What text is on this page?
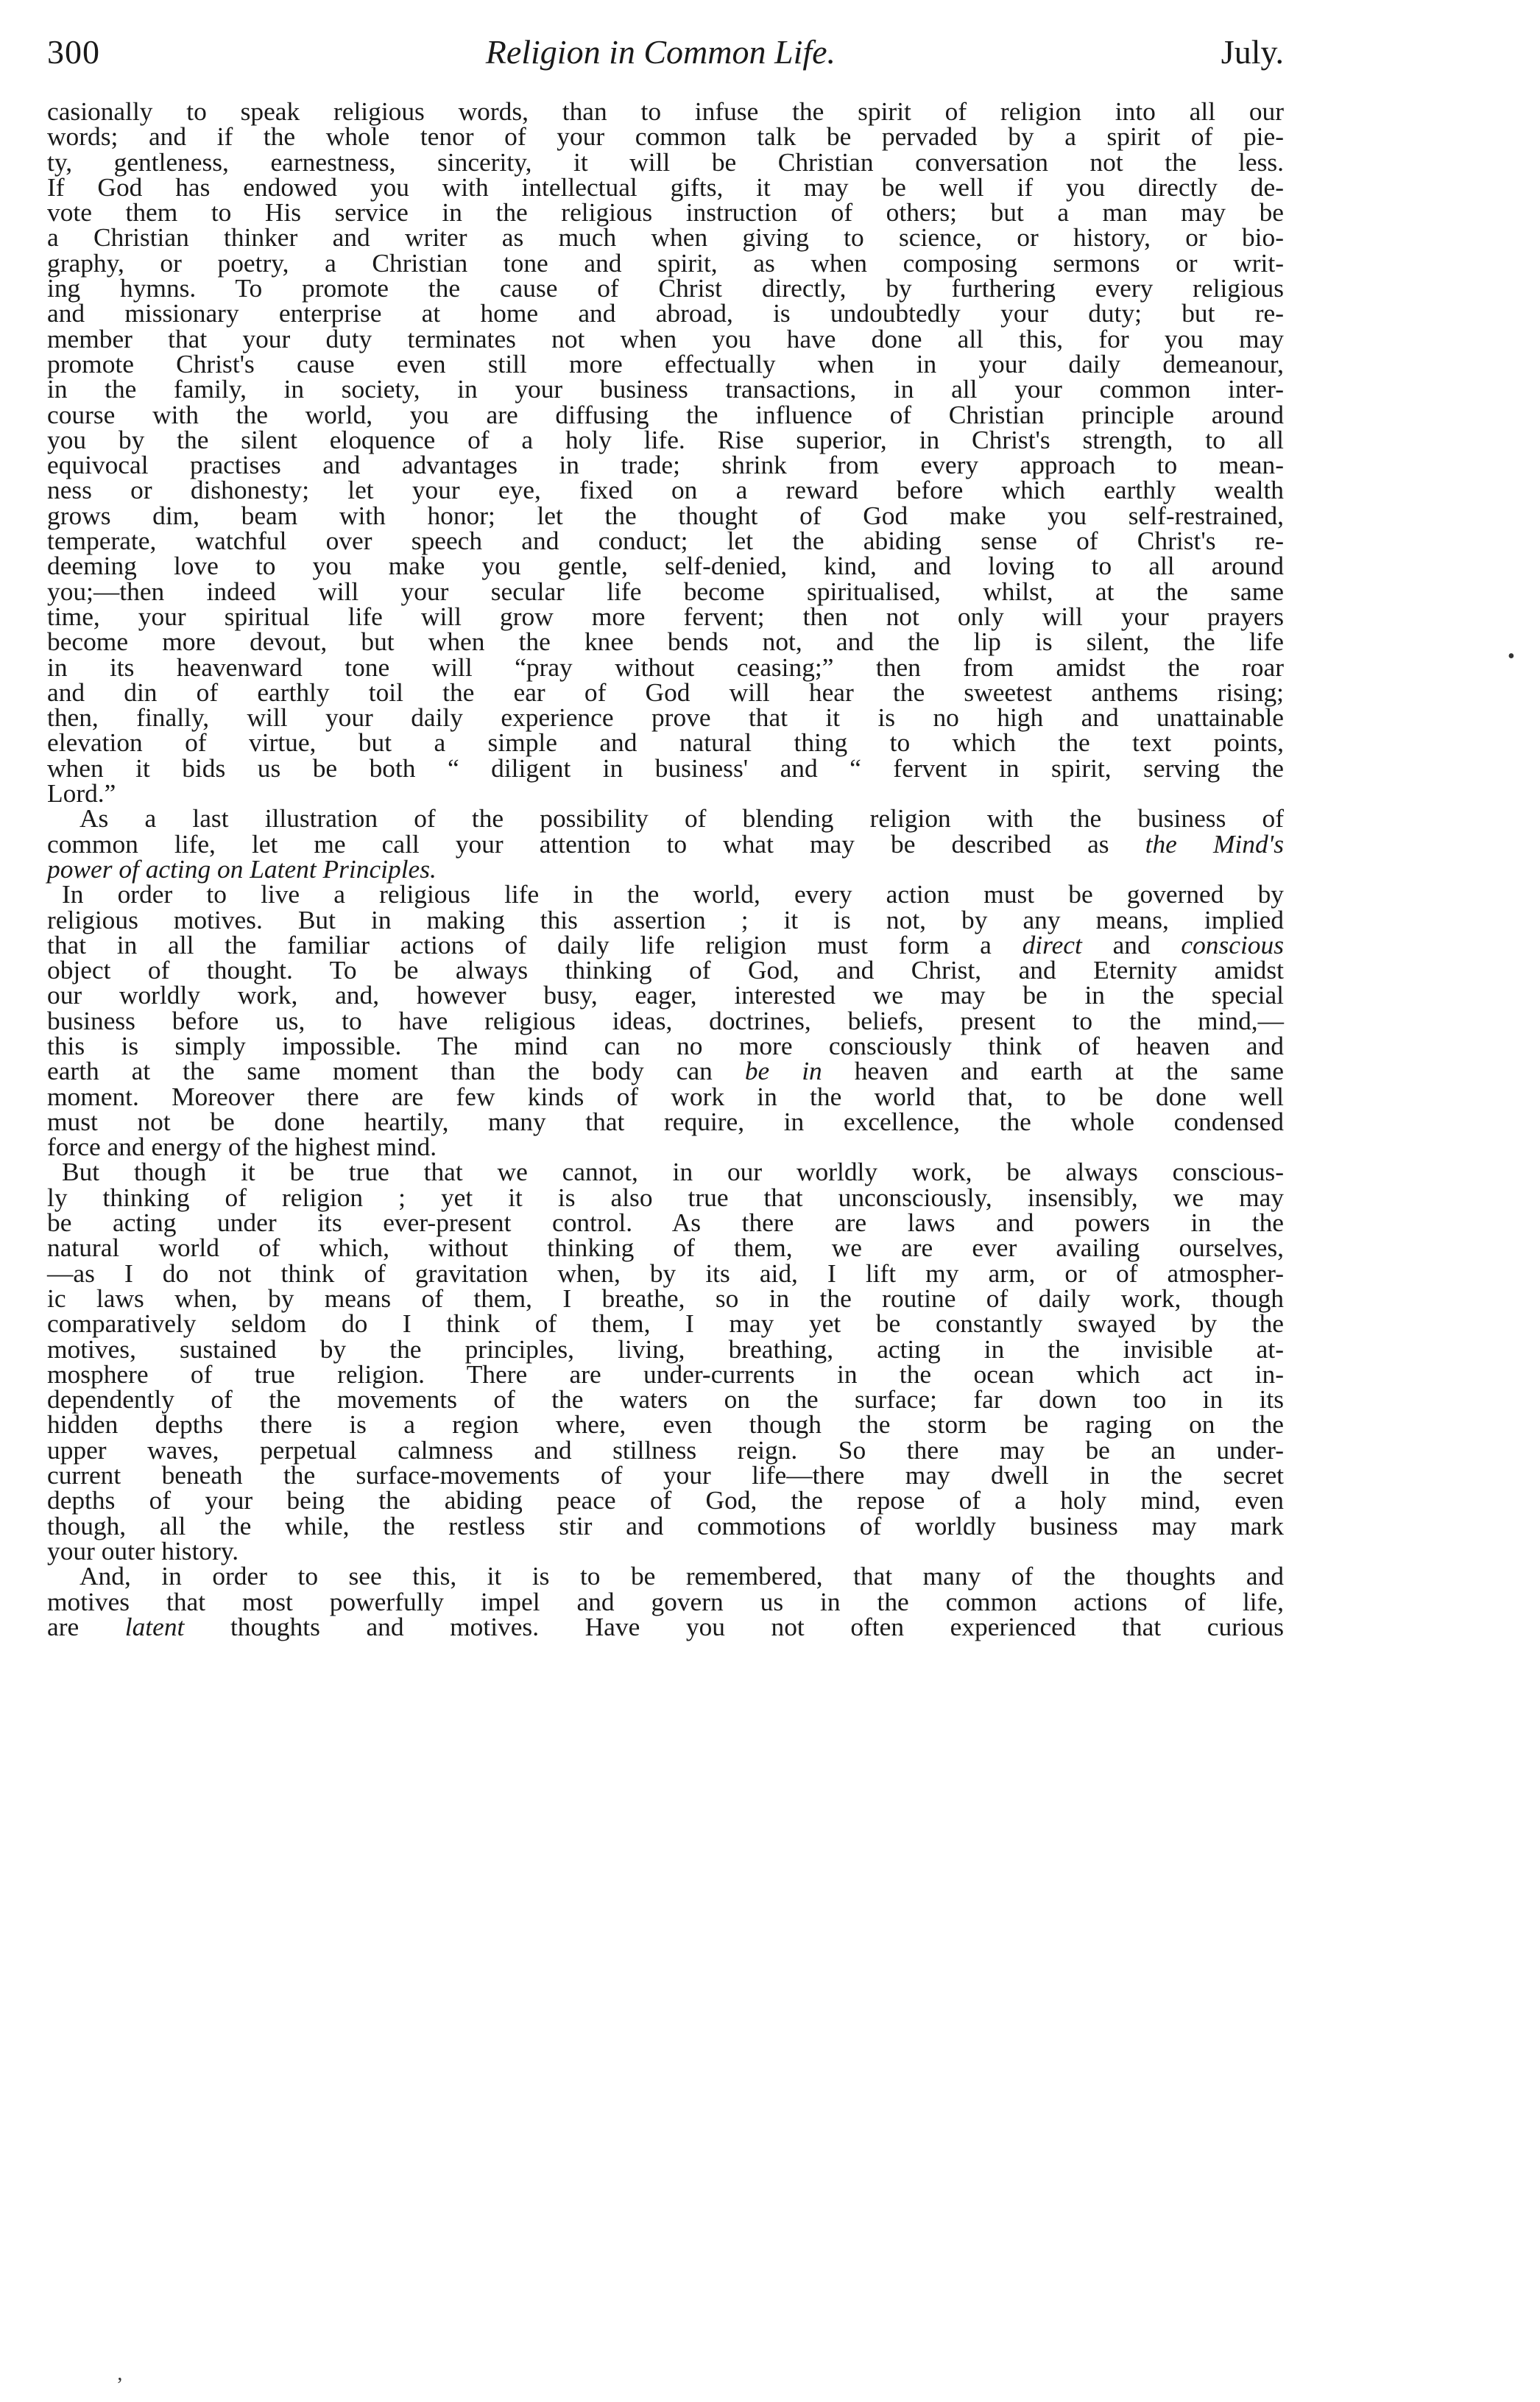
300	Religion in Common Life.	July.
casionally to speak religious words, than to infuse the spirit of religion into all our
words; and if the whole tenor of your common talk be pervaded by a spirit of pie-
ty, gentleness, earnestness, sincerity, it will be Christian conversation not the less.
If God has endowed you with intellectual gifts, it may be well if you directly de-
vote them to His service in the religious instruction of others; but a man may be
a Christian thinker and writer as much when giving to science, or history, or bio-
graphy, or poetry, a Christian tone and spirit, as when composing sermons or writ-
ing hymns. To promote the cause of Christ directly, by furthering every religious
and missionary enterprise at home and abroad, is undoubtedly your duty; but re-
member that your duty terminates not when you have done all this, for you may
promote Christ's cause even still more effectually when in your daily demeanour,
in the family, in society, in your business transactions, in all your common inter-
course with the world, you are diffusing the influence of Christian principle around
you by the silent eloquence of a holy life. Rise superior, in Christ's strength, to all
equivocal practises and advantages in trade; shrink from every approach to mean-
ness or dishonesty; let your eye, fixed on a reward before which earthly wealth
grows dim, beam with honor; let the thought of God make you self-restrained,
temperate, watchful over speech and conduct; let the abiding sense of Christ's re-
deeming love to you make you gentle, self-denied, kind, and loving to all around
you;—then indeed will your secular life become spiritualised, whilst, at the same
time, your spiritual life will grow more fervent; then not only will your prayers
become more devout, but when the knee bends not, and the lip is silent, the life
in its heavenward tone will “pray without ceasing;” then from amidst the roar
and din of earthly toil the ear of God will hear the sweetest anthems rising;
then, finally, will your daily experience prove that it is no high and unattainable
elevation of virtue, but a simple and natural thing to which the text points,
when it bids us be both “ diligent in business' and “ fervent in spirit, serving the
Lord.”
As a last illustration of the possibility of blending religion with the business of
common life, let me call your attention to what may be described as the Mind's
power of acting on Latent Principles.
In order to live a religious life in the world, every action must be governed by
religious motives. But in making this assertion ; it is not, by any means, implied
that in all the familiar actions of daily life religion must form a direct and conscious
object of thought. To be always thinking of God, and Christ, and Eternity amidst
our worldly work, and, however busy, eager, interested we may be in the special
business before us, to have religious ideas, doctrines, beliefs, present to the mind,—
this is simply impossible. The mind can no more consciously think of heaven and
earth at the same moment than the body can be in heaven and earth at the same
moment. Moreover there are few kinds of work in the world that, to be done well
must not be done heartily, many that require, in excellence, the whole condensed
force and energy of the highest mind.
But though it be true that we cannot, in our worldly work, be always conscious-
ly thinking of religion ; yet it is also true that unconsciously, insensibly, we may
be acting under its ever-present control. As there are laws and powers in the
natural world of which, without thinking of them, we are ever availing ourselves,
—as I do not think of gravitation when, by its aid, I lift my arm, or of atmospher-
ic laws when, by means of them, I breathe, so in the routine of daily work, though
comparatively seldom do I think of them, I may yet be constantly swayed by the
motives, sustained by the principles, living, breathing, acting in the invisible at-
mosphere of true religion. There are under-currents in the ocean which act in-
dependently of the movements of the waters on the surface; far down too in its
hidden depths there is a region where, even though the storm be raging on the
upper waves, perpetual calmness and stillness reign. So there may be an under-
current beneath the surface-movements of your life—there may dwell in the secret
depths of your being the abiding peace of God, the repose of a holy mind, even
though, all the while, the restless stir and commotions of worldly business may mark
your outer history.
And, in order to see this, it is to be remembered, that many of the thoughts and
motives that most powerfully impel and govern us in the common actions of life,
are latent thoughts and motives. Have you not often experienced that curious
•
‚
